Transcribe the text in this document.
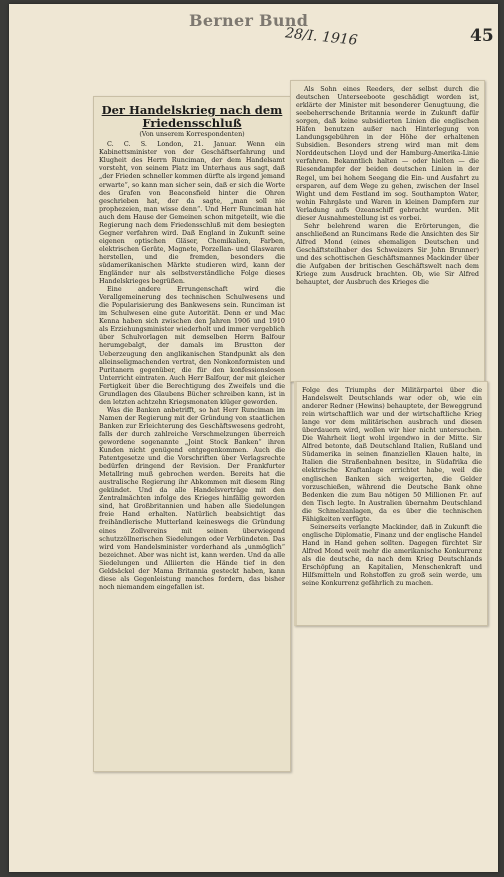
Berner Bund
28/I. 1916	45
Der Handelskrieg nach dem
Friedensschluß

(Von unserem Korrespondenten)

C. C. S. London, 21. Januar. Wenn ein Kabinettsminister von der Geschäftserfahrung und Klugheit des Herrn Runciman, der dem Handelsamt vorsteht, von seinem Platz im Unterhaus aus sagt, daß „der Frieden schneller kommen dürfte als irgend jemand erwarte“, so kann man sicher sein, daß er sich die Worte des Grafen von Beaconsfield hinter die Ohren geschrieben hat, der da sagte, „man soll nie prophezeien, man wisse denn“. Und Herr Runciman hat auch dem Hause der Gemeinen schon mitgeteilt, wie die Regierung nach dem Friedensschluß mit dem besiegten Gegner verfahren wird. Daß England in Zukunft seine eigenen optischen Gläser, Chemikalien, Farben, elektrischen Geräte, Magnete, Porzellan- und Glaswaren herstellen, und die fremden, besonders die südamerikanischen Märkte studieren wird, kann der Engländer nur als selbstverständliche Folge dieses Handelskrieges begrüßen.

Eine andere Errungenschaft wird die Verallgemeinerung des technischen Schulwesens und die Popularisierung des Bankwesens sein. Runciman ist im Schulwesen eine gute Autorität. Denn er und Mac Kenna haben sich zwischen den Jahren 1906 und 1910 als Erziehungsminister wiederholt und immer vergeblich über Schulvorlagen mit demselben Herrn Balfour herumgebalgt, der damals im Brustton der Ueberzeugung den anglikanischen Standpunkt als den alleinseligmachenden vertrat, den Nonkonformisten und Puritanern gegenüber, die für den konfessionslosen Unterricht eintraten. Auch Herr Balfour, der mit gleicher Fertigkeit über die Berechtigung des Zweifels und die Grundlagen des Glaubens Bücher schreiben kann, ist in den letzten achtzehn Kriegsmonaten klüger geworden.

Was die Banken anbetrifft, so hat Herr Runciman im Namen der Regierung mit der Gründung von staatlichen Banken zur Erleichterung des Geschäftswesens gedroht, falls der durch zahlreiche Verschmelzungen überreich gewordene sogenannte „Joint Stock Banken“ ihren Kunden nicht genügend entgegenkommen. Auch die Patentgesetze und die Vorschriften über Verlagsrechte bedürfen dringend der Revision. Der Frankfurter Metallring muß gebrochen werden. Bereits hat die australische Regierung ihr Abkommen mit diesem Ring gekündet. Und da alle Handelsverträge mit den Zentralmächten infolge des Krieges hinfällig geworden sind, hat Großbritannien und haben alle Siedelungen freie Hand erhalten. Natürlich beabsichtigt das freihändlerische Mutterland keineswegs die Gründung eines Zollvereins mit seinen überwiegend schutzzöllnerischen Siedelungen oder Verbündeten. Das wird vom Handelsminister vorderhand als „unmöglich“ bezeichnet. Aber was nicht ist, kann werden. Und da alle Siedelungen und Alliierten die Hände tief in den Geldsäckel der Mama Britannia gesteckt haben, kann diese als Gegenleistung manches fordern, das bisher noch niemandem eingefallen ist.

Als Sohn eines Reeders, der selbst durch die deutschen Unterseeboote geschädigt worden ist, erklärte der Minister mit besonderer Genugtuung, die seebeherrschende Britannia werde in Zukunft dafür sorgen, daß keine subsidierten Linien die englischen Häfen benutzen außer nach Hinterlegung von Landungsgebühren in der Höhe der erhaltenen Subsidien. Besonders streng wird man mit dem Norddeutschen Lloyd und der Hamburg-Amerika-Linie verfahren. Bekanntlich halten — oder hielten — die Riesendampfer der beiden deutschen Linien in der Regel, um bei hohem Seegang die Ein- und Ausfahrt zu ersparen, auf dem Wege zu gehen, zwischen der Insel Wight und dem Festland im sog. Southampton Water, wohin Fahrgäste und Waren in kleinen Dampfern zur Verladung aufs Ozeanschiff gebracht wurden. Mit dieser Ausnahmestellung ist es vorbei.

Sehr belehrend waren die Erörterungen, die anschließend an Runcimans Rede die Ansichten des Sir Alfred Mond (eines ehemaligen Deutschen und Geschäftsteilhaber des Schweizers Sir John Brunner) und des schottischen Geschäftsmannes Mackinder über die Aufgaben der britischen Geschäftswelt nach dem Kriege zum Ausdruck brachten. Ob, wie Sir Alfred behauptet, der Ausbruch des Krieges die

Folge des Triumphs der Militärpartei über die Handelswelt Deutschlands war oder ob, wie ein anderer Redner (Hewins) behauptete, der Beweggrund rein wirtschaftlich war und der wirtschaftliche Krieg lange vor dem militärischen ausbrach und diesen überdauern wird, wollen wir hier nicht untersuchen. Die Wahrheit liegt wohl irgendwo in der Mitte. Sir Alfred betonte, daß Deutschland Italien, Rußland und Südamerika in seinen finanziellen Klauen halte, in Italien die Straßenbahnen besitze, in Südafrika die elektrische Kraftanlage errichtet habe, weil die englischen Banken sich weigerten, die Gelder vorzuschießen, während die Deutsche Bank ohne Bedenken die zum Bau nötigen 50 Millionen Fr. auf den Tisch legte. In Australien übernahm Deutschland die Schmelzanlagen, da es über die technischen Fähigkeiten verfügte.

Seinerseits verlangte Mackinder, daß in Zukunft die englische Diplomatie, Finanz und der englische Handel Hand in Hand gehen sollten. Dagegen fürchtet Sir Alfred Mond weit mehr die amerikanische Konkurrenz als die deutsche, da nach dem Krieg Deutschlands Erschöpfung an Kapitalien, Menschenkraft und Hilfsmitteln und Rohstoffen zu groß sein werde, um seine Konkurrenz gefährlich zu machen.
